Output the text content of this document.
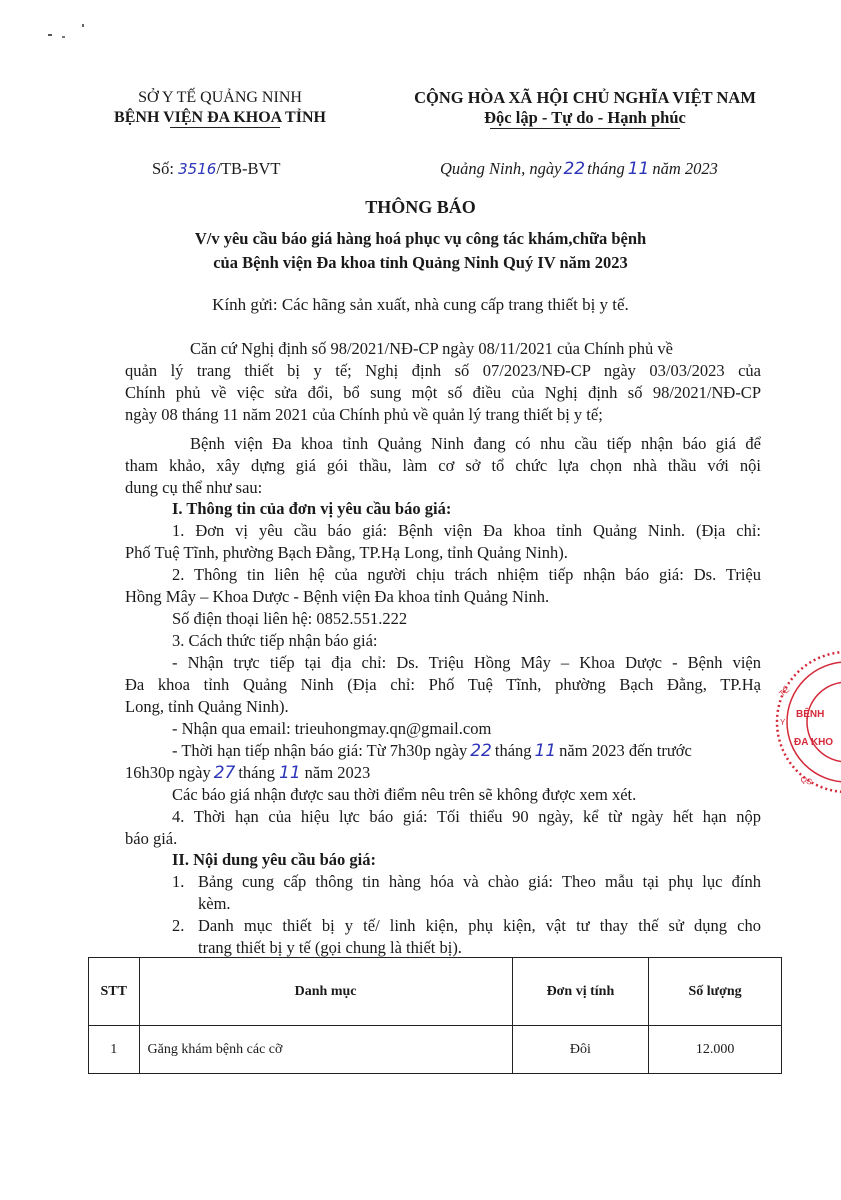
SỞ Y TẾ QUẢNG NINH
BỆNH VIỆN ĐA KHOA TỈNH
CỘNG HÒA XÃ HỘI CHỦ NGHĨA VIỆT NAM
Độc lập - Tự do - Hạnh phúc
Số: 3516/TB-BVT	Quảng Ninh, ngày 22 tháng 11 năm 2023
THÔNG BÁO
V/v yêu cầu báo giá hàng hoá phục vụ công tác khám,chữa bệnh
của Bệnh viện Đa khoa tỉnh Quảng Ninh Quý IV năm 2023
Kính gửi: Các hãng sản xuất, nhà cung cấp trang thiết bị y tế.
Căn cứ Nghị định số 98/2021/NĐ-CP ngày 08/11/2021 của Chính phủ về
quản lý trang thiết bị y tế; Nghị định số 07/2023/NĐ-CP ngày 03/03/2023 của
Chính phủ về việc sửa đổi, bổ sung một số điều của Nghị định số 98/2021/NĐ-CP
ngày 08 tháng 11 năm 2021 của Chính phủ về quản lý trang thiết bị y tế;
Bệnh viện Đa khoa tỉnh Quảng Ninh đang có nhu cầu tiếp nhận báo giá để
tham khảo, xây dựng giá gói thầu, làm cơ sở tổ chức lựa chọn nhà thầu với nội
dung cụ thể như sau:
I. Thông tin của đơn vị yêu cầu báo giá:
1. Đơn vị yêu cầu báo giá: Bệnh viện Đa khoa tỉnh Quảng Ninh. (Địa chỉ:
Phố Tuệ Tĩnh, phường Bạch Đằng, TP.Hạ Long, tỉnh Quảng Ninh).
2. Thông tin liên hệ của người chịu trách nhiệm tiếp nhận báo giá: Ds. Triệu
Hồng Mây – Khoa Dược - Bệnh viện Đa khoa tỉnh Quảng Ninh.
Số điện thoại liên hệ: 0852.551.222
3. Cách thức tiếp nhận báo giá:
- Nhận trực tiếp tại địa chỉ: Ds. Triệu Hồng Mây – Khoa Dược - Bệnh viện
Đa khoa tỉnh Quảng Ninh (Địa chỉ: Phố Tuệ Tĩnh, phường Bạch Đằng, TP.Hạ
Long, tỉnh Quảng Ninh).
- Nhận qua email: trieuhongmay.qn@gmail.com
- Thời hạn tiếp nhận báo giá: Từ 7h30p ngày 22 tháng 11 năm 2023 đến trước
16h30p ngày 27 tháng 11 năm 2023
Các báo giá nhận được sau thời điểm nêu trên sẽ không được xem xét.
4. Thời hạn của hiệu lực báo giá: Tối thiểu 90 ngày, kể từ ngày hết hạn nộp
báo giá.
II. Nội dung yêu cầu báo giá:
1. Bảng cung cấp thông tin hàng hóa và chào giá: Theo mẫu tại phụ lục đính
kèm.
2. Danh mục thiết bị y tế/ linh kiện, phụ kiện, vật tư thay thế sử dụng cho
trang thiết bị y tế (gọi chung là thiết bị).
STT	Danh mục	Đơn vị tính	Số lượng
1	Găng khám bệnh các cỡ	Đôi	12.000
BỆNH
ĐA KHO
TẾ
Y
QS
